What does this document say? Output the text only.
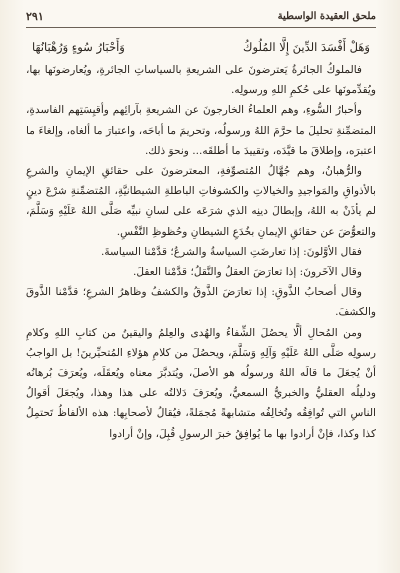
ملحق العقيدة الواسطية
٢٩١
وَهَلْ أَفْسَدَ الدِّينَ إِلَّا المُلُوكُ
وَأَحْبَارُ سُوءٍ وَرُهْبَانُهَا

فالملوكُ الجائرةُ يَعترضونَ على الشريعةِ بالسياساتِ الجائرةِ، ويُعارضونَها بها، ويُقدِّمونَها على حُكمِ اللهِ ورسولِه.

وأحبارُ السُّوءِ، وهم العلماءُ الخارجونَ عن الشريعةِ بآرائِهم وأقيِسَتِهم الفاسدةِ، المتضمِّنةِ تحليلَ ما حرَّمَ اللهُ ورسولُه، وتحريمَ ما أباحَه، واعتبارَ ما ألغاه، وإلغاءَ ما اعتبرَه، وإطلاقَ ما قيَّدَه، وتقييدَ ما أطلقَه... ونحوَ ذلك.

والرُّهبانُ، وهم جُهَّالُ المُتصوِّفةِ، المعترضونَ على حقائقِ الإيمانِ والشرعِ بالأذواقِ والمَواجيدِ والخيالاتِ والكشوفاتِ الباطلةِ الشيطانيَّةِ، المُتضمِّنةِ شرْعَ دينٍ لم يأذَنْ به اللهُ، وإبطالَ دينِه الذي شرَعَه على لسانِ نبيِّه صَلَّى اللهُ عَلَيْهِ وَسَلَّمَ، والتعوُّضَ عن حقائقِ الإيمانِ بخُدَعِ الشيطانِ وحُظوظِ النَّفْسِ.

فقال الأوَّلونَ: إذا تعارضَتِ السياسةُ والشرعُ؛ قدَّمْنا السياسةَ.

وقال الآخَرونَ: إذا تعارَضَ العقلُ والنَّقلُ؛ قدَّمْنا العقلَ.

وقال أصحابُ الذَّوقِ: إذا تعارَضَ الذَّوقُ والكشفُ وظاهرُ الشرعِ؛ قدَّمْنا الذَّوقَ والكشفَ.

ومن المُحالِ ألَّا يحصُلَ الشِّفاءُ والهُدى والعِلمُ واليقينُ من كتابِ اللهِ وكلامِ رسولِه صَلَّى اللهُ عَلَيْهِ وَآلِهِ وَسَلَّمَ، ويحصُلَ من كلامِ هؤلاءِ المُتحيِّرينَ! بل الواجبُ أنْ يُجعَلَ ما قالَه اللهُ ورسولُه هو الأصلَ، ويُتدبَّرَ معناه ويُعقَلَه، ويُعرَفَ بُرهانُه ودليلُه العقليُّ والخبريُّ السمعيُّ، ويُعرَفَ دَلالتُه على هذا وهذا، ويُجعَلَ أقوالُ الناسِ التي تُوافِقُه وتُخالِفُه متشابهةً مُجمَلةً، فيُقالُ لأصحابِها: هذه الألفاظُ تَحتمِلُ كذا وكذا، فإنْ أرادوا بها ما يُوافِقُ خبرَ الرسولِ قُبِلَ، وإنْ أرادوا
